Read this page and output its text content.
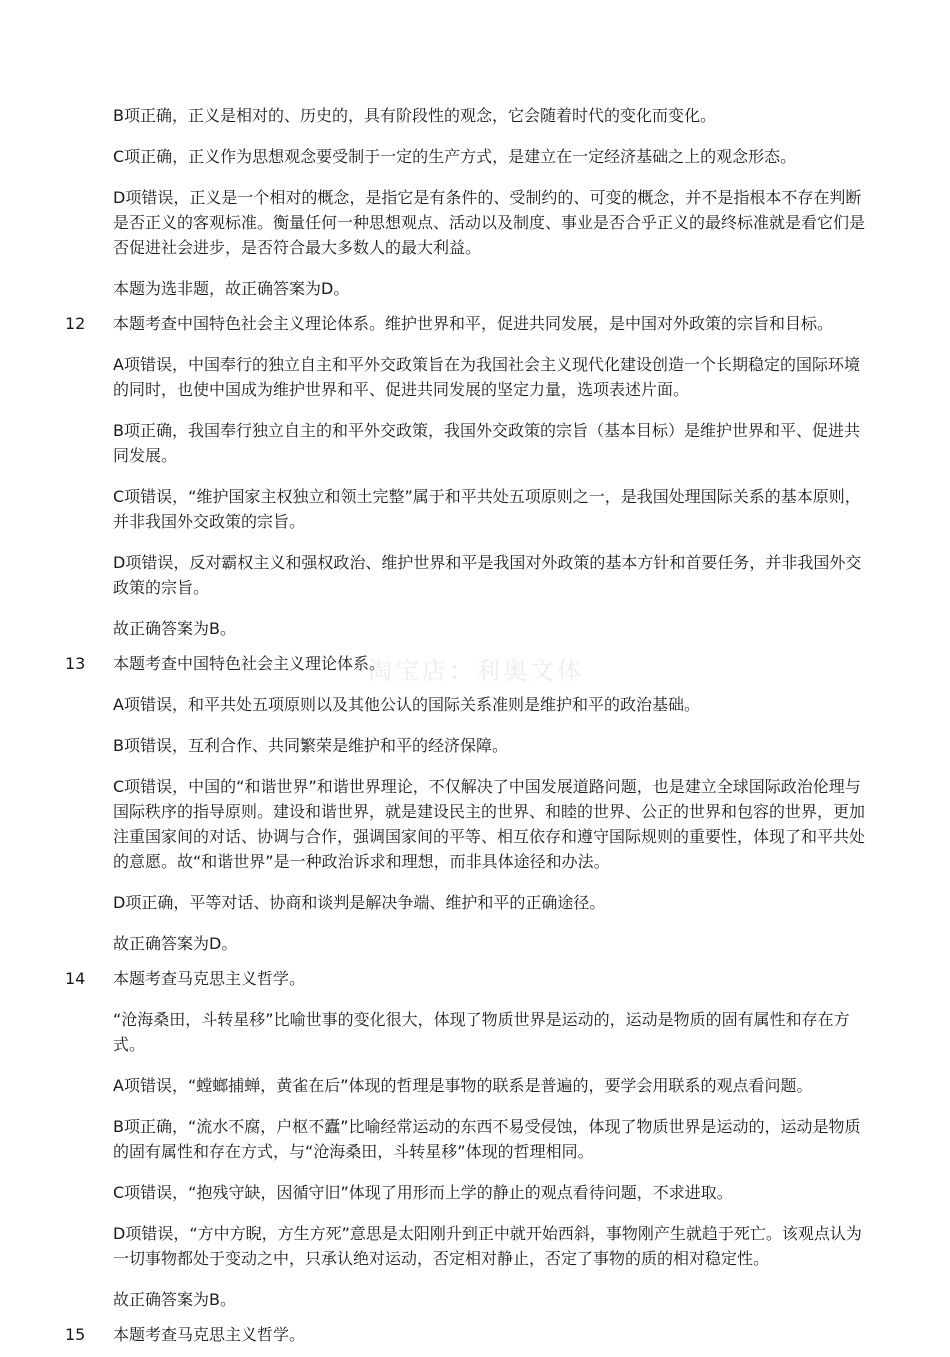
淘宝店：利奥文体

B项正确，正义是相对的、历史的，具有阶段性的观念，它会随着时代的变化而变化。

C项正确，正义作为思想观念要受制于一定的生产方式，是建立在一定经济基础之上的观念形态。

D项错误，正义是一个相对的概念，是指它是有条件的、受制约的、可变的概念，并不是指根本不存在判断是否正义的客观标准。衡量任何一种思想观点、活动以及制度、事业是否合乎正义的最终标准就是看它们是否促进社会进步，是否符合最大多数人的最大利益。

本题为选非题，故正确答案为D。

12 本题考查中国特色社会主义理论体系。维护世界和平，促进共同发展，是中国对外政策的宗旨和目标。

A项错误，中国奉行的独立自主和平外交政策旨在为我国社会主义现代化建设创造一个长期稳定的国际环境的同时，也使中国成为维护世界和平、促进共同发展的坚定力量，选项表述片面。

B项正确，我国奉行独立自主的和平外交政策，我国外交政策的宗旨（基本目标）是维护世界和平、促进共同发展。

C项错误，“维护国家主权独立和领土完整”属于和平共处五项原则之一，是我国处理国际关系的基本原则，并非我国外交政策的宗旨。

D项错误，反对霸权主义和强权政治、维护世界和平是我国对外政策的基本方针和首要任务，并非我国外交政策的宗旨。

故正确答案为B。

13 本题考查中国特色社会主义理论体系。

A项错误，和平共处五项原则以及其他公认的国际关系准则是维护和平的政治基础。

B项错误，互利合作、共同繁荣是维护和平的经济保障。

C项错误，中国的“和谐世界”和谐世界理论，不仅解决了中国发展道路问题，也是建立全球国际政治伦理与国际秩序的指导原则。建设和谐世界，就是建设民主的世界、和睦的世界、公正的世界和包容的世界，更加注重国家间的对话、协调与合作，强调国家间的平等、相互依存和遵守国际规则的重要性，体现了和平共处的意愿。故“和谐世界”是一种政治诉求和理想，而非具体途径和办法。

D项正确，平等对话、协商和谈判是解决争端、维护和平的正确途径。

故正确答案为D。

14 本题考查马克思主义哲学。

“沧海桑田，斗转星移”比喻世事的变化很大，体现了物质世界是运动的，运动是物质的固有属性和存在方式。

A项错误，“螳螂捕蝉，黄雀在后”体现的哲理是事物的联系是普遍的，要学会用联系的观点看问题。

B项正确，“流水不腐，户枢不蠹”比喻经常运动的东西不易受侵蚀，体现了物质世界是运动的，运动是物质的固有属性和存在方式，与“沧海桑田，斗转星移”体现的哲理相同。

C项错误，“抱残守缺，因循守旧”体现了用形而上学的静止的观点看待问题，不求进取。

D项错误，“方中方睨，方生方死”意思是太阳刚升到正中就开始西斜，事物刚产生就趋于死亡。该观点认为一切事物都处于变动之中，只承认绝对运动，否定相对静止，否定了事物的质的相对稳定性。

故正确答案为B。

15 本题考查马克思主义哲学。
